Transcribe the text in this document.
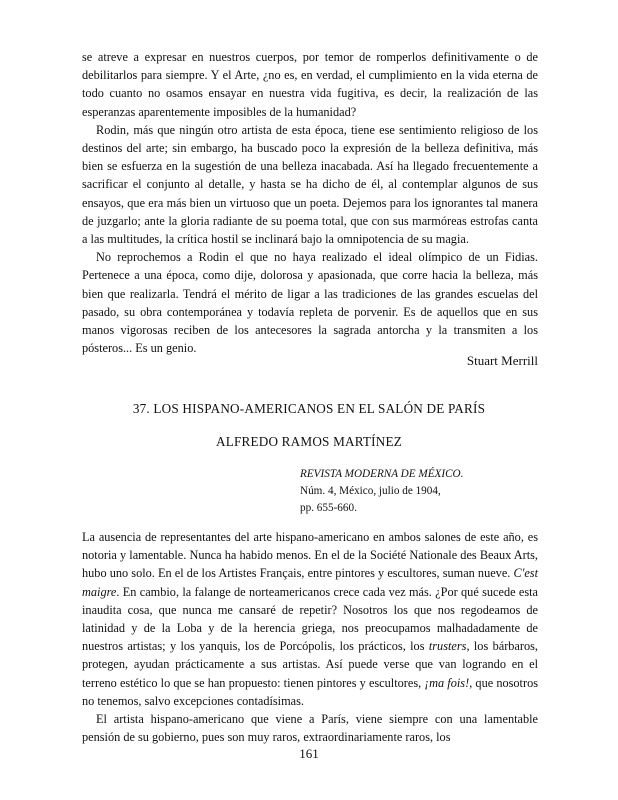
se atreve a expresar en nuestros cuerpos, por temor de romperlos definitivamente o de debilitarlos para siempre. Y el Arte, ¿no es, en verdad, el cumplimiento en la vida eterna de todo cuanto no osamos ensayar en nuestra vida fugitiva, es decir, la realización de las esperanzas aparentemente imposibles de la humanidad?

Rodin, más que ningún otro artista de esta época, tiene ese sentimiento religioso de los destinos del arte; sin embargo, ha buscado poco la expresión de la belleza definitiva, más bien se esfuerza en la sugestión de una belleza inacabada. Así ha llegado frecuentemente a sacrificar el conjunto al detalle, y hasta se ha dicho de él, al contemplar algunos de sus ensayos, que era más bien un virtuoso que un poeta. Dejemos para los ignorantes tal manera de juzgarlo; ante la gloria radiante de su poema total, que con sus marmóreas estrofas canta a las multitudes, la crítica hostil se inclinará bajo la omnipotencia de su magia.

No reprochemos a Rodin el que no haya realizado el ideal olímpico de un Fidias. Pertenece a una época, como dije, dolorosa y apasionada, que corre hacia la belleza, más bien que realizarla. Tendrá el mérito de ligar a las tradiciones de las grandes escuelas del pasado, su obra contemporánea y todavía repleta de porvenir. Es de aquellos que en sus manos vigorosas reciben de los antecesores la sagrada antorcha y la transmiten a los pósteros... Es un genio.

Stuart Merrill
37. LOS HISPANO-AMERICANOS EN EL SALÓN DE PARÍS
ALFREDO RAMOS MARTÍNEZ
REVISTA MODERNA DE MÉXICO.
Núm. 4, México, julio de 1904,
pp. 655-660.

La ausencia de representantes del arte hispano-americano en ambos salones de este año, es notoria y lamentable. Nunca ha habido menos. En el de la Société Nationale des Beaux Arts, hubo uno solo. En el de los Artistes Français, entre pintores y escultores, suman nueve. C'est maigre. En cambio, la falange de norteamericanos crece cada vez más. ¿Por qué sucede esta inaudita cosa, que nunca me cansaré de repetir? Nosotros los que nos regodeamos de latinidad y de la Loba y de la herencia griega, nos preocupamos malhadadamente de nuestros artistas; y los yanquis, los de Porcópolis, los prácticos, los trusters, los bárbaros, protegen, ayudan prácticamente a sus artistas. Así puede verse que van logrando en el terreno estético lo que se han propuesto: tienen pintores y escultores, ¡ma fois!, que nosotros no tenemos, salvo excepciones contadísimas.

El artista hispano-americano que viene a París, viene siempre con una lamentable pensión de su gobierno, pues son muy raros, extraordinariamente raros, los

161
